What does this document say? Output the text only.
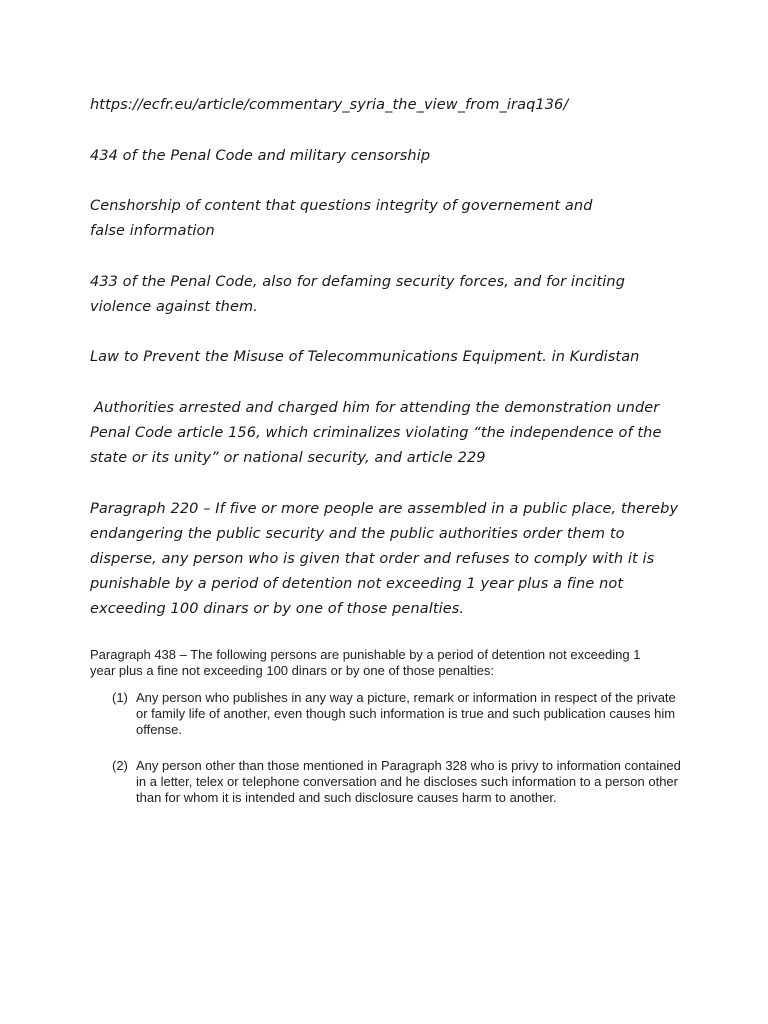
https://ecfr.eu/article/commentary_syria_the_view_from_iraq136/

434 of the Penal Code and military censorship

Censhorship of content that questions integrity of governement and false information

433 of the Penal Code, also for defaming security forces, and for inciting violence against them.

Law to Prevent the Misuse of Telecommunications Equipment. in Kurdistan

Authorities arrested and charged him for attending the demonstration under Penal Code article 156, which criminalizes violating “the independence of the state or its unity” or national security, and article 229

Paragraph 220 – If five or more people are assembled in a public place, thereby endangering the public security and the public authorities order them to disperse, any person who is given that order and refuses to comply with it is punishable by a period of detention not exceeding 1 year plus a fine not exceeding 100 dinars or by one of those penalties.

Paragraph 438 – The following persons are punishable by a period of detention not exceeding 1 year plus a fine not exceeding 100 dinars or by one of those penalties:

(1) Any person who publishes in any way a picture, remark or information in respect of the private or family life of another, even though such information is true and such publication causes him offense.
(2) Any person other than those mentioned in Paragraph 328 who is privy to information contained in a letter, telex or telephone conversation and he discloses such information to a person other than for whom it is intended and such disclosure causes harm to another.
